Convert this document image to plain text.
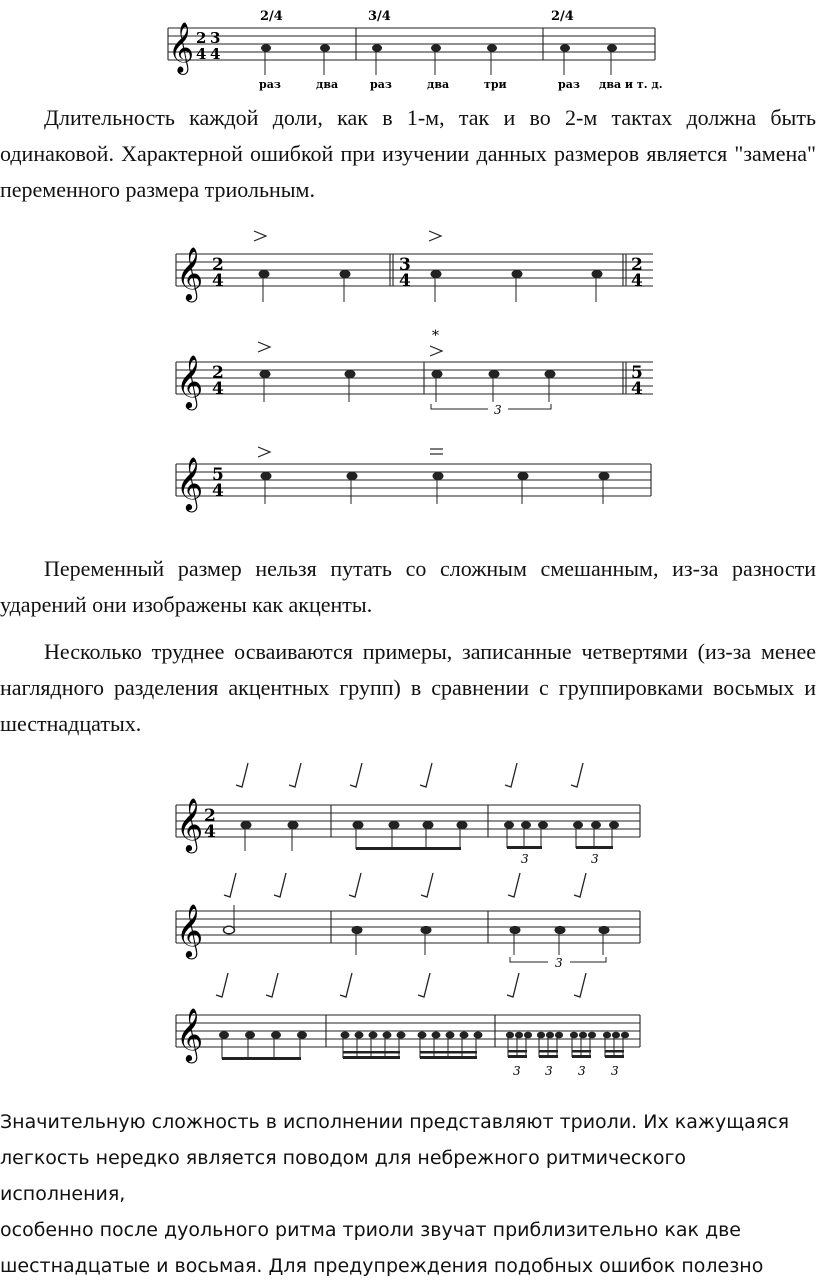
𝄞 2
4
3
4
2/4	3/4	2/4
раз	два	раз	два	три	раз два и т. д.
Длительность каждой доли, как в 1-м, так и во 2-м тактах должна быть одинаковой. Характерной ошибкой при изучении данных размеров является "замена" переменного размера триольным.
𝄞 2
4
3
4
2
4
𝄞 2
4
5
4
*
3
𝄞 5
4
Переменный размер нельзя путать со сложным смешанным, из-за разности ударений они изображены как акценты.
Несколько труднее осваиваются примеры, записанные четвертями (из-за менее наглядного разделения акцентных групп) в сравнении с группировками восьмых и шестнадцатых.
𝄞 2
4
3	3
𝄞
3
𝄞
3 3 3 3
Значительную сложность в исполнении представляют триоли. Их кажущаяся
легкость нередко является поводом для небрежного ритмического исполнения,
особенно после дуольного ритма триоли звучат приблизительно как две
шестнадцатые и восьмая. Для предупреждения подобных ошибок полезно
